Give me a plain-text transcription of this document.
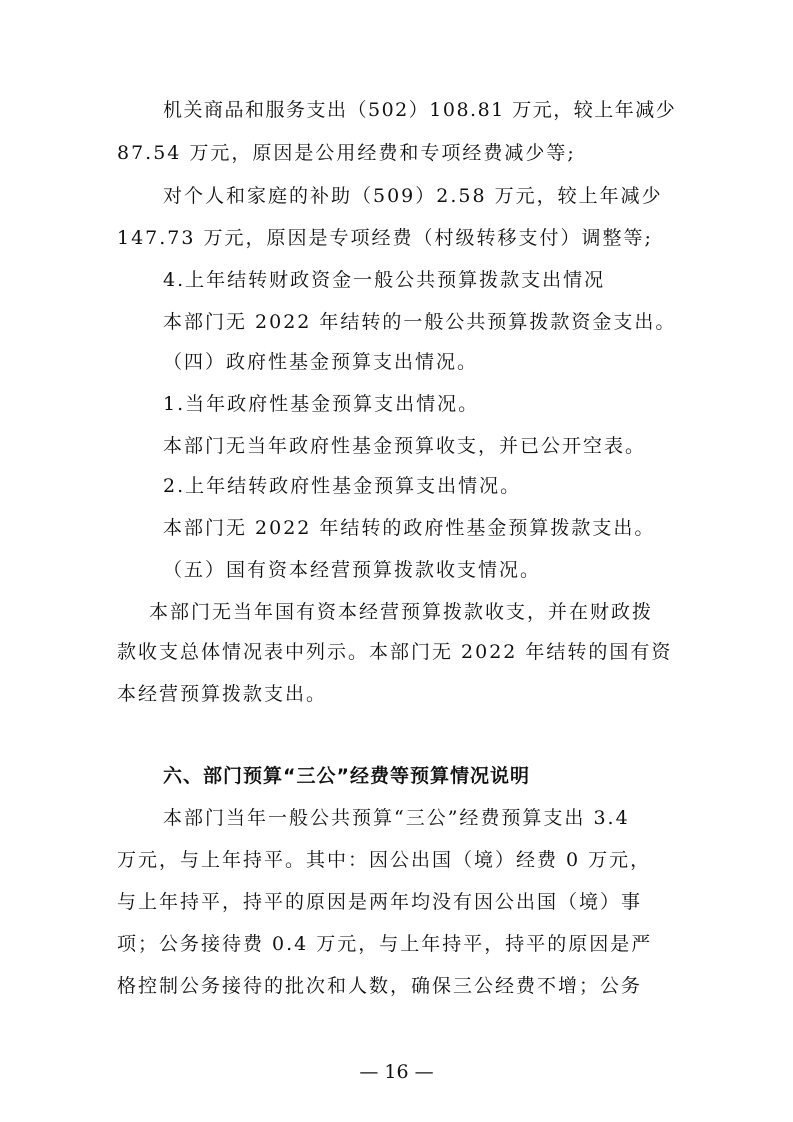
机关商品和服务支出（502）108.81 万元，较上年减少
87.54 万元，原因是公用经费和专项经费减少等;
对个人和家庭的补助（509）2.58 万元，较上年减少
147.73 万元，原因是专项经费（村级转移支付）调整等;
4.上年结转财政资金一般公共预算拨款支出情况
本部门无 2022 年结转的一般公共预算拨款资金支出。
（四）政府性基金预算支出情况。
1.当年政府性基金预算支出情况。
本部门无当年政府性基金预算收支，并已公开空表。
2.上年结转政府性基金预算支出情况。
本部门无 2022 年结转的政府性基金预算拨款支出。
（五）国有资本经营预算拨款收支情况。
本部门无当年国有资本经营预算拨款收支，并在财政拨
款收支总体情况表中列示。本部门无 2022 年结转的国有资
本经营预算拨款支出。
六、部门预算“三公”经费等预算情况说明
本部门当年一般公共预算“三公”经费预算支出 3.4
万元，与上年持平。其中：因公出国（境）经费 0 万元，
与上年持平，持平的原因是两年均没有因公出国（境）事
项；公务接待费 0.4 万元，与上年持平，持平的原因是严
格控制公务接待的批次和人数，确保三公经费不增；公务
— 16 —
